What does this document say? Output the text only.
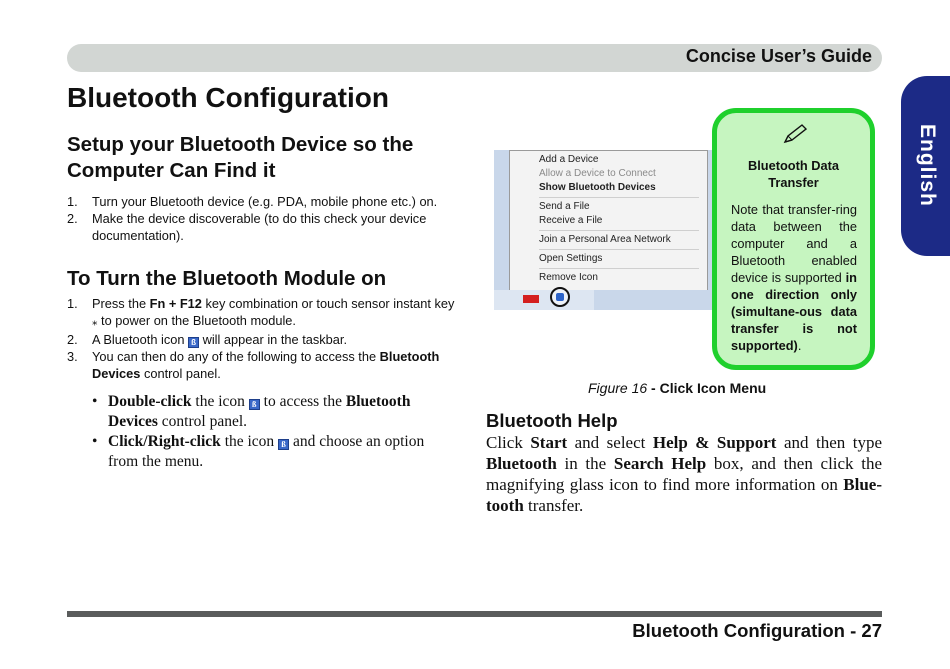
Concise User’s Guide
English
Bluetooth Configuration
Setup your Bluetooth Device so the
Computer Can Find it
1. Turn your Bluetooth device (e.g. PDA, mobile phone etc.) on.
2. Make the device discoverable (to do this check your device documentation).
To Turn the Bluetooth Module on
1. Press the Fn + F12 key combination or touch sensor instant key ⁎ to power on the Bluetooth module.
2. A Bluetooth icon ß will appear in the taskbar.
3. You can then do any of the following to access the Bluetooth Devices control panel.
• Double-click the icon ß to access the Bluetooth Devices control panel.
• Click/Right-click the icon ß and choose an option from the menu.
Add a Device
Allow a Device to Connect
Show Bluetooth Devices
Send a File
Receive a File
Join a Personal Area Network
Open Settings
Remove Icon
Figure 16 - Click Icon Menu
Bluetooth Data
Transfer
Note that transfer-ring data between the computer and a Bluetooth enabled device is supported in one direction only (simultane-ous data transfer is not supported).
Bluetooth Help

Click Start and select Help & Support and then type Bluetooth in the Search Help box, and then click the magnifying glass icon to find more information on Blue-tooth transfer.

Bluetooth Configuration - 27
